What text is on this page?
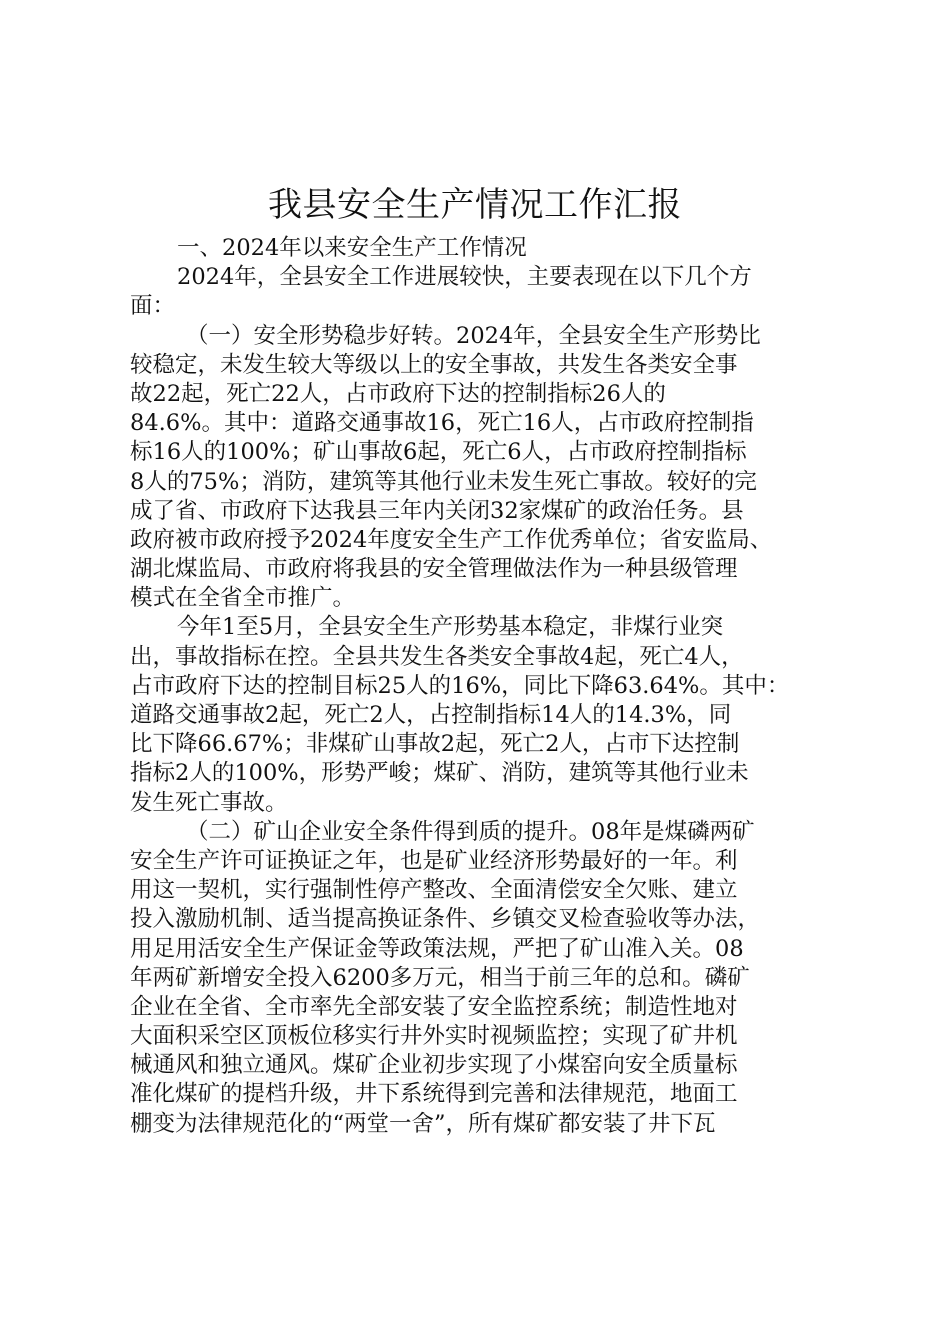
我县安全生产情况工作汇报
一、2024年以来安全生产工作情况
2024年，全县安全工作进展较快，主要表现在以下几个方
面：
（一）安全形势稳步好转。2024年，全县安全生产形势比
较稳定，未发生较大等级以上的安全事故，共发生各类安全事
故22起，死亡22人，占市政府下达的控制指标26人的
84.6%。其中：道路交通事故16，死亡16人，占市政府控制指
标16人的100%；矿山事故6起，死亡6人，占市政府控制指标
8人的75%；消防，建筑等其他行业未发生死亡事故。较好的完
成了省、市政府下达我县三年内关闭32家煤矿的政治任务。县
政府被市政府授予2024年度安全生产工作优秀单位；省安监局、
湖北煤监局、市政府将我县的安全管理做法作为一种县级管理
模式在全省全市推广。
今年1至5月，全县安全生产形势基本稳定，非煤行业突
出，事故指标在控。全县共发生各类安全事故4起，死亡4人，
占市政府下达的控制目标25人的16%，同比下降63.64%。其中：
道路交通事故2起，死亡2人，占控制指标14人的14.3%，同
比下降66.67%；非煤矿山事故2起，死亡2人，占市下达控制
指标2人的100%，形势严峻；煤矿、消防，建筑等其他行业未
发生死亡事故。
（二）矿山企业安全条件得到质的提升。08年是煤磷两矿
安全生产许可证换证之年，也是矿业经济形势最好的一年。利
用这一契机，实行强制性停产整改、全面清偿安全欠账、建立
投入激励机制、适当提高换证条件、乡镇交叉检查验收等办法，
用足用活安全生产保证金等政策法规，严把了矿山准入关。08
年两矿新增安全投入6200多万元，相当于前三年的总和。磷矿
企业在全省、全市率先全部安装了安全监控系统；制造性地对
大面积采空区顶板位移实行井外实时视频监控；实现了矿井机
械通风和独立通风。煤矿企业初步实现了小煤窑向安全质量标
准化煤矿的提档升级，井下系统得到完善和法律规范，地面工
棚变为法律规范化的“两堂一舍”，所有煤矿都安装了井下瓦
